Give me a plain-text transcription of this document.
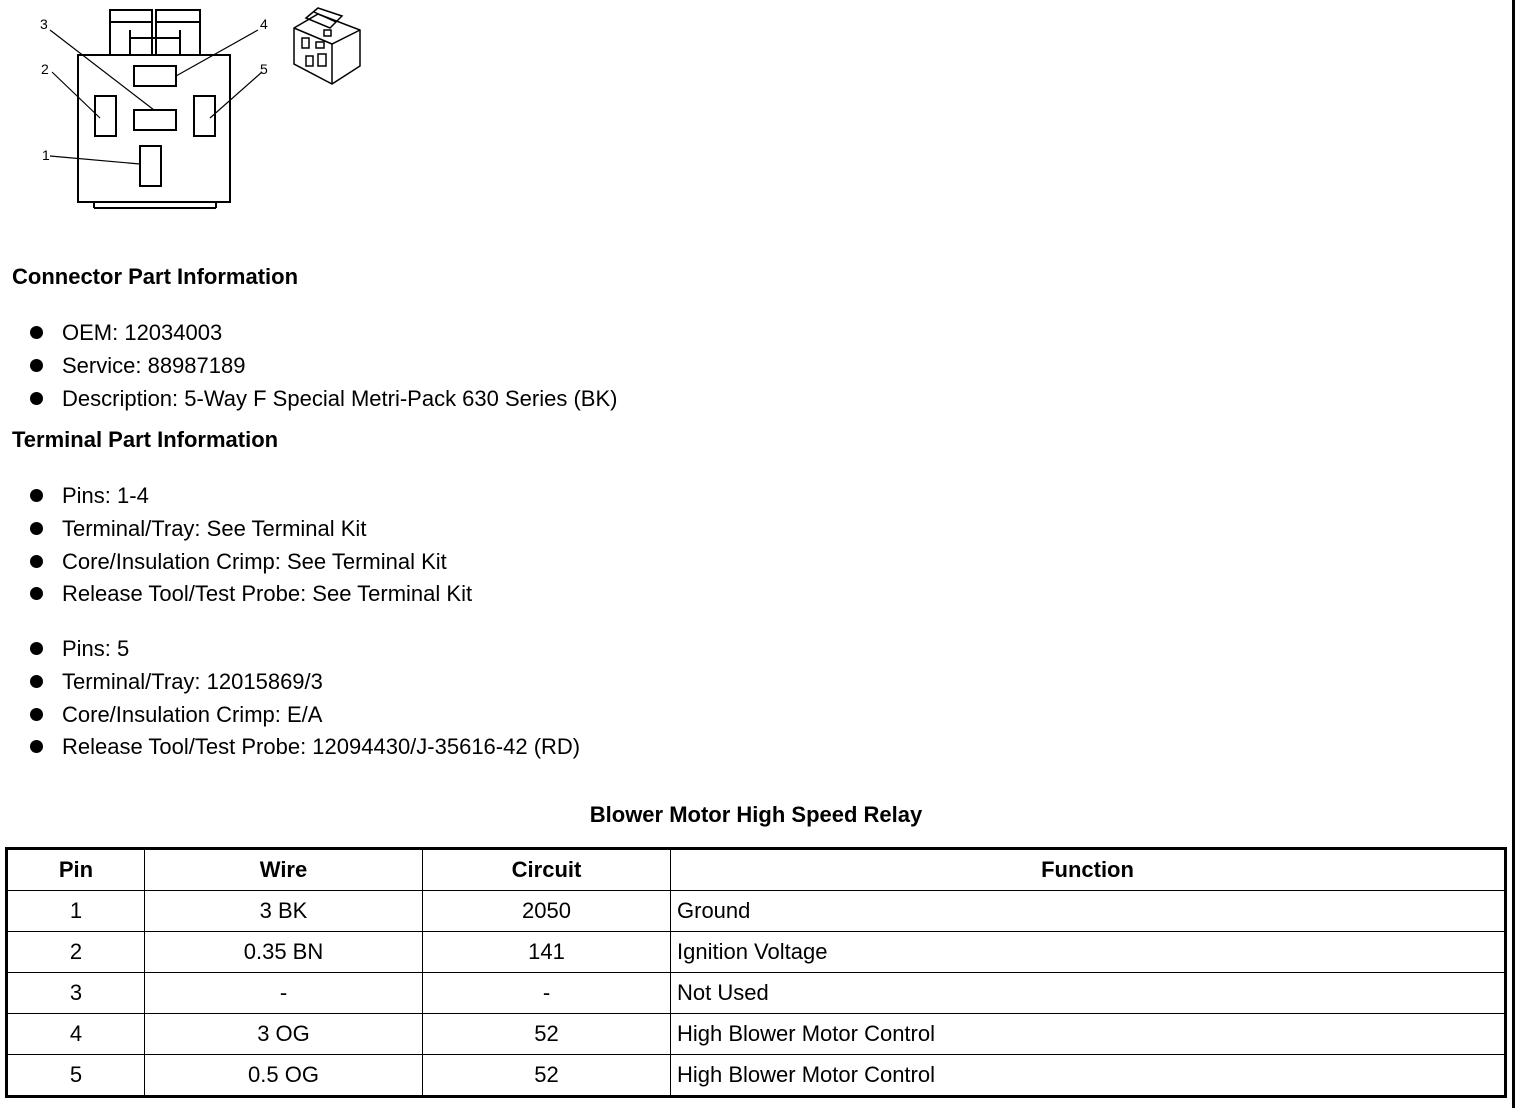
3	4
2	5
1
Connector Part Information
OEM: 12034003
Service: 88987189
Description: 5-Way F Special Metri-Pack 630 Series (BK)
Terminal Part Information
Pins: 1-4
Terminal/Tray: See Terminal Kit
Core/Insulation Crimp: See Terminal Kit
Release Tool/Test Probe: See Terminal Kit
Pins: 5
Terminal/Tray: 12015869/3
Core/Insulation Crimp: E/A
Release Tool/Test Probe: 12094430/J-35616-42 (RD)
Blower Motor High Speed Relay
Pin	Wire	Circuit	Function
1	3 BK	2050	Ground
2	0.35 BN	141	Ignition Voltage
3	-	-	Not Used
4	3 OG	52	High Blower Motor Control
5	0.5 OG	52	High Blower Motor Control
